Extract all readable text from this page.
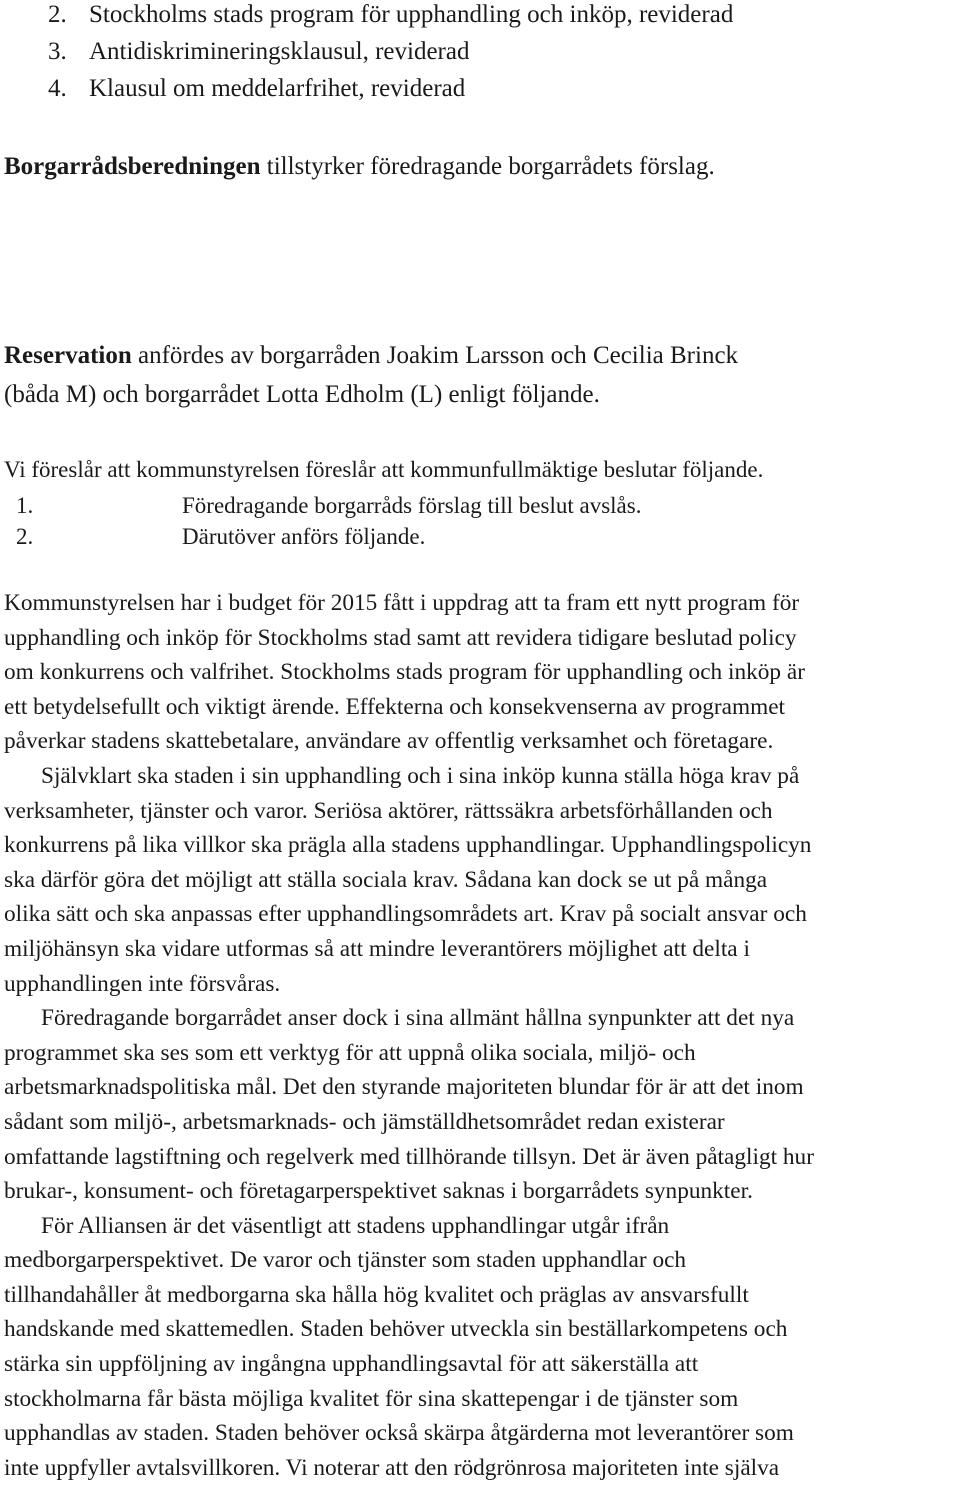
2. Stockholms stads program för upphandling och inköp, reviderad
3. Antidiskrimineringsklausul, reviderad
4. Klausul om meddelarfrihet, reviderad
Borgarrådsberedningen tillstyrker föredragande borgarrådets förslag.
Reservation anfördes av borgarråden Joakim Larsson och Cecilia Brinck
(båda M) och borgarrådet Lotta Edholm (L) enligt följande.
Vi föreslår att kommunstyrelsen föreslår att kommunfullmäktige beslutar följande.
1.	Föredragande borgarråds förslag till beslut avslås.
2.	Därutöver anförs följande.
Kommunstyrelsen har i budget för 2015 fått i uppdrag att ta fram ett nytt program för
upphandling och inköp för Stockholms stad samt att revidera tidigare beslutad policy
om konkurrens och valfrihet. Stockholms stads program för upphandling och inköp är
ett betydelsefullt och viktigt ärende. Effekterna och konsekvenserna av programmet
påverkar stadens skattebetalare, användare av offentlig verksamhet och företagare.
Självklart ska staden i sin upphandling och i sina inköp kunna ställa höga krav på
verksamheter, tjänster och varor. Seriösa aktörer, rättssäkra arbetsförhållanden och
konkurrens på lika villkor ska prägla alla stadens upphandlingar. Upphandlingspolicyn
ska därför göra det möjligt att ställa sociala krav. Sådana kan dock se ut på många
olika sätt och ska anpassas efter upphandlingsområdets art. Krav på socialt ansvar och
miljöhänsyn ska vidare utformas så att mindre leverantörers möjlighet att delta i
upphandlingen inte försvåras.
Föredragande borgarrådet anser dock i sina allmänt hållna synpunkter att det nya
programmet ska ses som ett verktyg för att uppnå olika sociala, miljö- och
arbetsmarknadspolitiska mål. Det den styrande majoriteten blundar för är att det inom
sådant som miljö-, arbetsmarknads- och jämställdhetsområdet redan existerar
omfattande lagstiftning och regelverk med tillhörande tillsyn. Det är även påtagligt hur
brukar-, konsument- och företagarperspektivet saknas i borgarrådets synpunkter.
För Alliansen är det väsentligt att stadens upphandlingar utgår ifrån
medborgarperspektivet. De varor och tjänster som staden upphandlar och
tillhandahåller åt medborgarna ska hålla hög kvalitet och präglas av ansvarsfullt
handskande med skattemedlen. Staden behöver utveckla sin beställarkompetens och
stärka sin uppföljning av ingångna upphandlingsavtal för att säkerställa att
stockholmarna får bästa möjliga kvalitet för sina skattepengar i de tjänster som
upphandlas av staden. Staden behöver också skärpa åtgärderna mot leverantörer som
inte uppfyller avtalsvillkoren. Vi noterar att den rödgrönrosa majoriteten inte själva
